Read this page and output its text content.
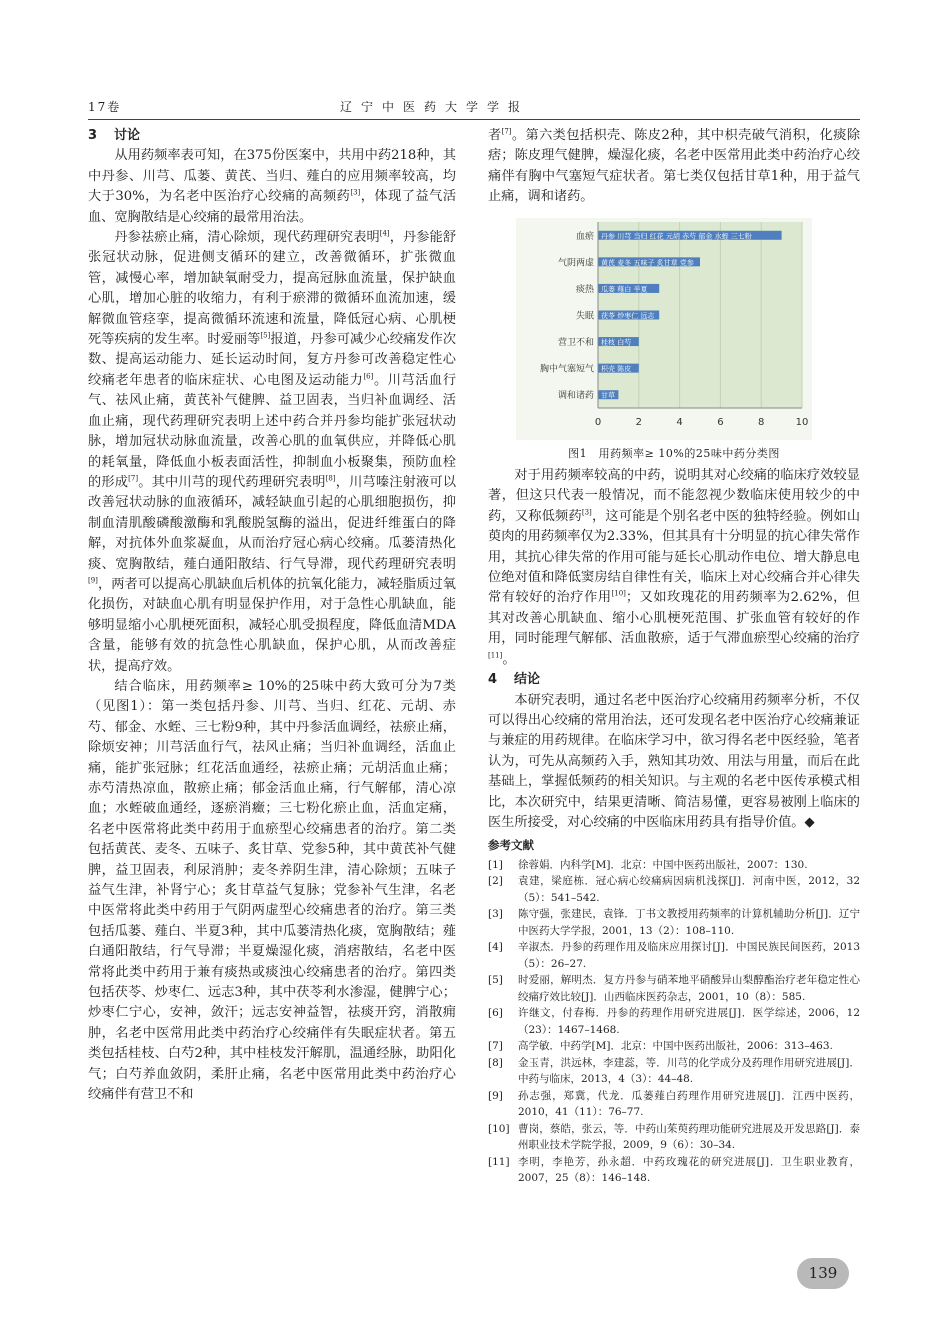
17卷	辽宁中医药大学学报
3 讨论

从用药频率表可知，在375份医案中，共用中药218种，其中丹参、川芎、瓜蒌、黄芪、当归、薤白的应用频率较高，均大于30%，为名老中医治疗心绞痛的高频药[3]，体现了益气活血、宽胸散结是心绞痛的最常用治法。

丹参祛瘀止痛，清心除烦，现代药理研究表明[4]，丹参能舒张冠状动脉，促进侧支循环的建立，改善微循环，扩张微血管，减慢心率，增加缺氧耐受力，提高冠脉血流量，保护缺血心肌，增加心脏的收缩力，有利于瘀滞的微循环血流加速，缓解微血管痉挛，提高微循环流速和流量，降低冠心病、心肌梗死等疾病的发生率。时爱丽等[5]报道，丹参可减少心绞痛发作次数、提高运动能力、延长运动时间，复方丹参可改善稳定性心绞痛老年患者的临床症状、心电图及运动能力[6]。川芎活血行气、祛风止痛，黄芪补气健脾、益卫固表，当归补血调经、活血止痛，现代药理研究表明上述中药合并丹参均能扩张冠状动脉，增加冠状动脉血流量，改善心肌的血氧供应，并降低心肌的耗氧量，降低血小板表面活性，抑制血小板聚集，预防血栓的形成[7]。其中川芎的现代药理研究表明[8]，川芎嗪注射液可以改善冠状动脉的血液循环，减轻缺血引起的心肌细胞损伤，抑制血清肌酸磷酸激酶和乳酸脱氢酶的溢出，促进纤维蛋白的降解，对抗体外血浆凝血，从而治疗冠心病心绞痛。瓜蒌清热化痰、宽胸散结，薤白通阳散结、行气导滞，现代药理研究表明[9]，两者可以提高心肌缺血后机体的抗氧化能力，减轻脂质过氧化损伤，对缺血心肌有明显保护作用，对于急性心肌缺血，能够明显缩小心肌梗死面积，减轻心肌受损程度，降低血清MDA含量，能够有效的抗急性心肌缺血，保护心肌，从而改善症状，提高疗效。

结合临床，用药频率≥ 10%的25味中药大致可分为7类（见图1）：第一类包括丹参、川芎、当归、红花、元胡、赤芍、郁金、水蛭、三七粉9种，其中丹参活血调经，祛瘀止痛，除烦安神；川芎活血行气，祛风止痛；当归补血调经，活血止痛，能扩张冠脉；红花活血通经，祛瘀止痛；元胡活血止痛；赤芍清热凉血，散瘀止痛；郁金活血止痛，行气解郁，清心凉血；水蛭破血通经，逐瘀消癥；三七粉化瘀止血，活血定痛，名老中医常将此类中药用于血瘀型心绞痛患者的治疗。第二类包括黄芪、麦冬、五味子、炙甘草、党参5种，其中黄芪补气健脾，益卫固表，利尿消肿；麦冬养阴生津，清心除烦；五味子益气生津，补肾宁心；炙甘草益气复脉；党参补气生津，名老中医常将此类中药用于气阴两虚型心绞痛患者的治疗。第三类包括瓜蒌、薤白、半夏3种，其中瓜蒌清热化痰，宽胸散结；薤白通阳散结，行气导滞；半夏燥湿化痰，消痞散结，名老中医常将此类中药用于兼有痰热或痰浊心绞痛患者的治疗。第四类包括茯苓、炒枣仁、远志3种，其中茯苓利水渗湿，健脾宁心；炒枣仁宁心，安神，敛汗；远志安神益智，祛痰开窍，消散痈肿，名老中医常用此类中药治疗心绞痛伴有失眠症状者。第五类包括桂枝、白芍2种，其中桂枝发汗解肌，温通经脉，助阳化气；白芍养血敛阴，柔肝止痛，名老中医常用此类中药治疗心绞痛伴有营卫不和

者[7]。第六类包括枳壳、陈皮2种，其中枳壳破气消积，化痰除痞；陈皮理气健脾，燥湿化痰，名老中医常用此类中药治疗心绞痛伴有胸中气塞短气症状者。第七类仅包括甘草1种，用于益气止痛，调和诸药。

0	2	4	6	8	10
血瘀 丹参 川芎 当归 红花 元胡 赤芍 郁金 水蛭 三七粉
气阴两虚 黄芪 麦冬 五味子 炙甘草 党参
痰热 瓜蒌 薤白 半夏
失眠 茯苓 炒枣仁 远志
营卫不和 桂枝 白芍
胸中气塞短气 枳壳 陈皮
调和诸药 甘草
图1　用药频率≥ 10%的25味中药分类图

对于用药频率较高的中药，说明其对心绞痛的临床疗效较显著，但这只代表一般情况，而不能忽视少数临床使用较少的中药，又称低频药[3]，这可能是个别名老中医的独特经验。例如山萸肉的用药频率仅为2.33%，但其具有十分明显的抗心律失常作用，其抗心律失常的作用可能与延长心肌动作电位、增大静息电位绝对值和降低窦房结自律性有关，临床上对心绞痛合并心律失常有较好的治疗作用[10]；又如玫瑰花的用药频率为2.62%，但其对改善心肌缺血、缩小心肌梗死范围、扩张血管有较好的作用，同时能理气解郁、活血散瘀，适于气滞血瘀型心绞痛的治疗[11]。

4 结论

本研究表明，通过名老中医治疗心绞痛用药频率分析，不仅可以得出心绞痛的常用治法，还可发现名老中医治疗心绞痛兼证与兼症的用药规律。在临床学习中，欲习得名老中医经验，笔者认为，可先从高频药入手，熟知其功效、用法与用量，而后在此基础上，掌握低频药的相关知识。与主观的名老中医传承模式相比，本次研究中，结果更清晰、简洁易懂，更容易被刚上临床的医生所接受，对心绞痛的中医临床用药具有指导价值。◆

参考文献
[1]	徐蓉娟．内科学[M]．北京：中国中医药出版社，2007：130.
[2]	袁建，梁庭栋．冠心病心绞痛病因病机浅探[J]．河南中医，2012，32（5）：541–542.
[3]	陈守强，张建民，袁锋．丁书文教授用药频率的计算机辅助分析[J]．辽宁中医药大学学报，2001，13（2）：108–110.
[4]	辛淑杰．丹参的药理作用及临床应用探讨[J]．中国民族民间医药，2013（5）：26–27.
[5]	时爱丽，解明杰．复方丹参与硝苯地平硝酸异山梨醇酯治疗老年稳定性心绞痛疗效比较[J]．山西临床医药杂志，2001，10（8）：585.
[6]	许继文，付春梅．丹参的药理作用研究进展[J]．医学综述，2006，12（23）：1467–1468.
[7]	高学敏．中药学[M]．北京：中国中医药出版社，2006：313–463.
[8]	金玉青，洪远林，李建蕊，等．川芎的化学成分及药理作用研究进展[J]．中药与临床，2013，4（3）：44–48.
[9]	孙志强，郑冀，代龙．瓜蒌薤白药理作用研究进展[J]．江西中医药，2010，41（11）：76–77.
[10] 曹岗，蔡皓，张云，等．中药山茱萸药理功能研究进展及开发思路[J]．泰州职业技术学院学报，2009，9（6）：30–34.
[11] 李明，李艳芳，孙永超．中药玫瑰花的研究进展[J]．卫生职业教育，2007，25（8）：146–148.
139
